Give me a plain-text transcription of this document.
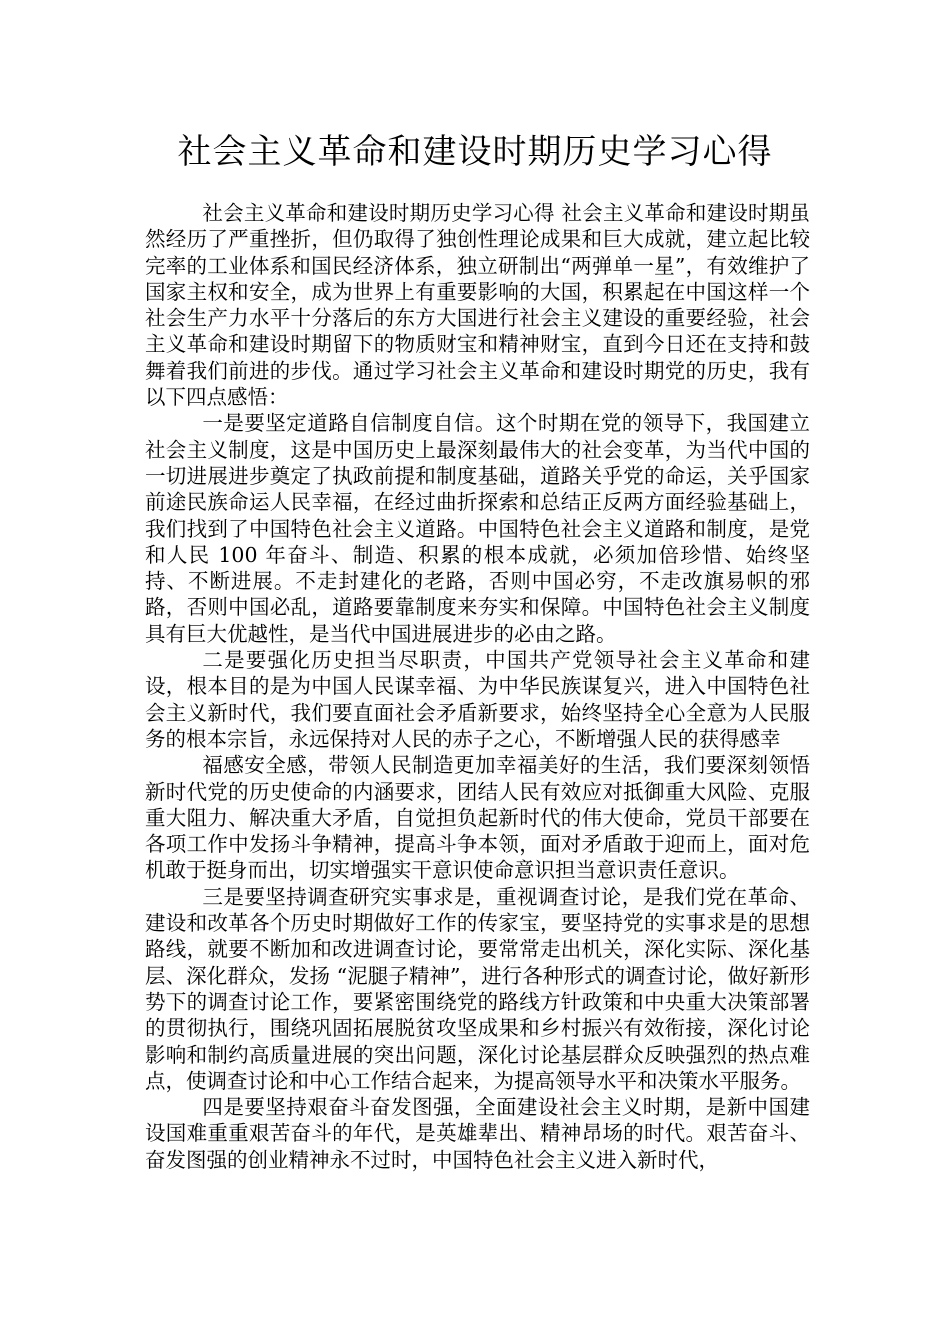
社会主义革命和建设时期历史学习心得

社会主义革命和建设时期历史学习心得 社会主义革命和建设时期虽然经历了严重挫折，但仍取得了独创性理论成果和巨大成就，建立起比较完率的工业体系和国民经济体系，独立研制出“两弹单一星”，有效维护了国家主权和安全，成为世界上有重要影响的大国，积累起在中国这样一个社会生产力水平十分落后的东方大国进行社会主义建设的重要经验，社会主义革命和建设时期留下的物质财宝和精神财宝，直到今日还在支持和鼓舞着我们前进的步伐。通过学习社会主义革命和建设时期党的历史，我有以下四点感悟：

一是要坚定道路自信制度自信。这个时期在党的领导下，我国建立社会主义制度，这是中国历史上最深刻最伟大的社会变革，为当代中国的一切进展进步奠定了执政前提和制度基础，道路关乎党的命运，关乎国家前途民族命运人民幸福，在经过曲折探索和总结正反两方面经验基础上，我们找到了中国特色社会主义道路。中国特色社会主义道路和制度，是党和人民 100 年奋斗、制造、积累的根本成就，必须加倍珍惜、始终坚持、不断进展。不走封建化的老路，否则中国必穷，不走改旗易帜的邪路，否则中国必乱，道路要靠制度来夯实和保障。中国特色社会主义制度具有巨大优越性，是当代中国进展进步的必由之路。

二是要强化历史担当尽职责，中国共产党领导社会主义革命和建设，根本目的是为中国人民谋幸福、为中华民族谋复兴，进入中国特色社会主义新时代，我们要直面社会矛盾新要求，始终坚持全心全意为人民服务的根本宗旨，永远保持对人民的赤子之心，不断增强人民的获得感幸

福感安全感，带领人民制造更加幸福美好的生活，我们要深刻领悟新时代党的历史使命的内涵要求，团结人民有效应对抵御重大风险、克服重大阻力、解决重大矛盾，自觉担负起新时代的伟大使命，党员干部要在各项工作中发扬斗争精神，提高斗争本领，面对矛盾敢于迎而上，面对危机敢于挺身而出，切实增强实干意识使命意识担当意识责任意识。

三是要坚持调查研究实事求是，重视调查讨论，是我们党在革命、建设和改革各个历史时期做好工作的传家宝，要坚持党的实事求是的思想路线，就要不断加和改进调查讨论，要常常走出机关，深化实际、深化基层、深化群众，发扬 “泥腿子精神”，进行各种形式的调查讨论，做好新形势下的调查讨论工作，要紧密围绕党的路线方针政策和中央重大决策部署的贯彻执行，围绕巩固拓展脱贫攻坚成果和乡村振兴有效衔接，深化讨论影响和制约高质量进展的突出问题，深化讨论基层群众反映强烈的热点难点，使调查讨论和中心工作结合起来，为提高领导水平和决策水平服务。

四是要坚持艰奋斗奋发图强，全面建设社会主义时期，是新中国建设国难重重艰苦奋斗的年代，是英雄辈出、精神昂场的时代。艰苦奋斗、奋发图强的创业精神永不过时，中国特色社会主义进入新时代，
